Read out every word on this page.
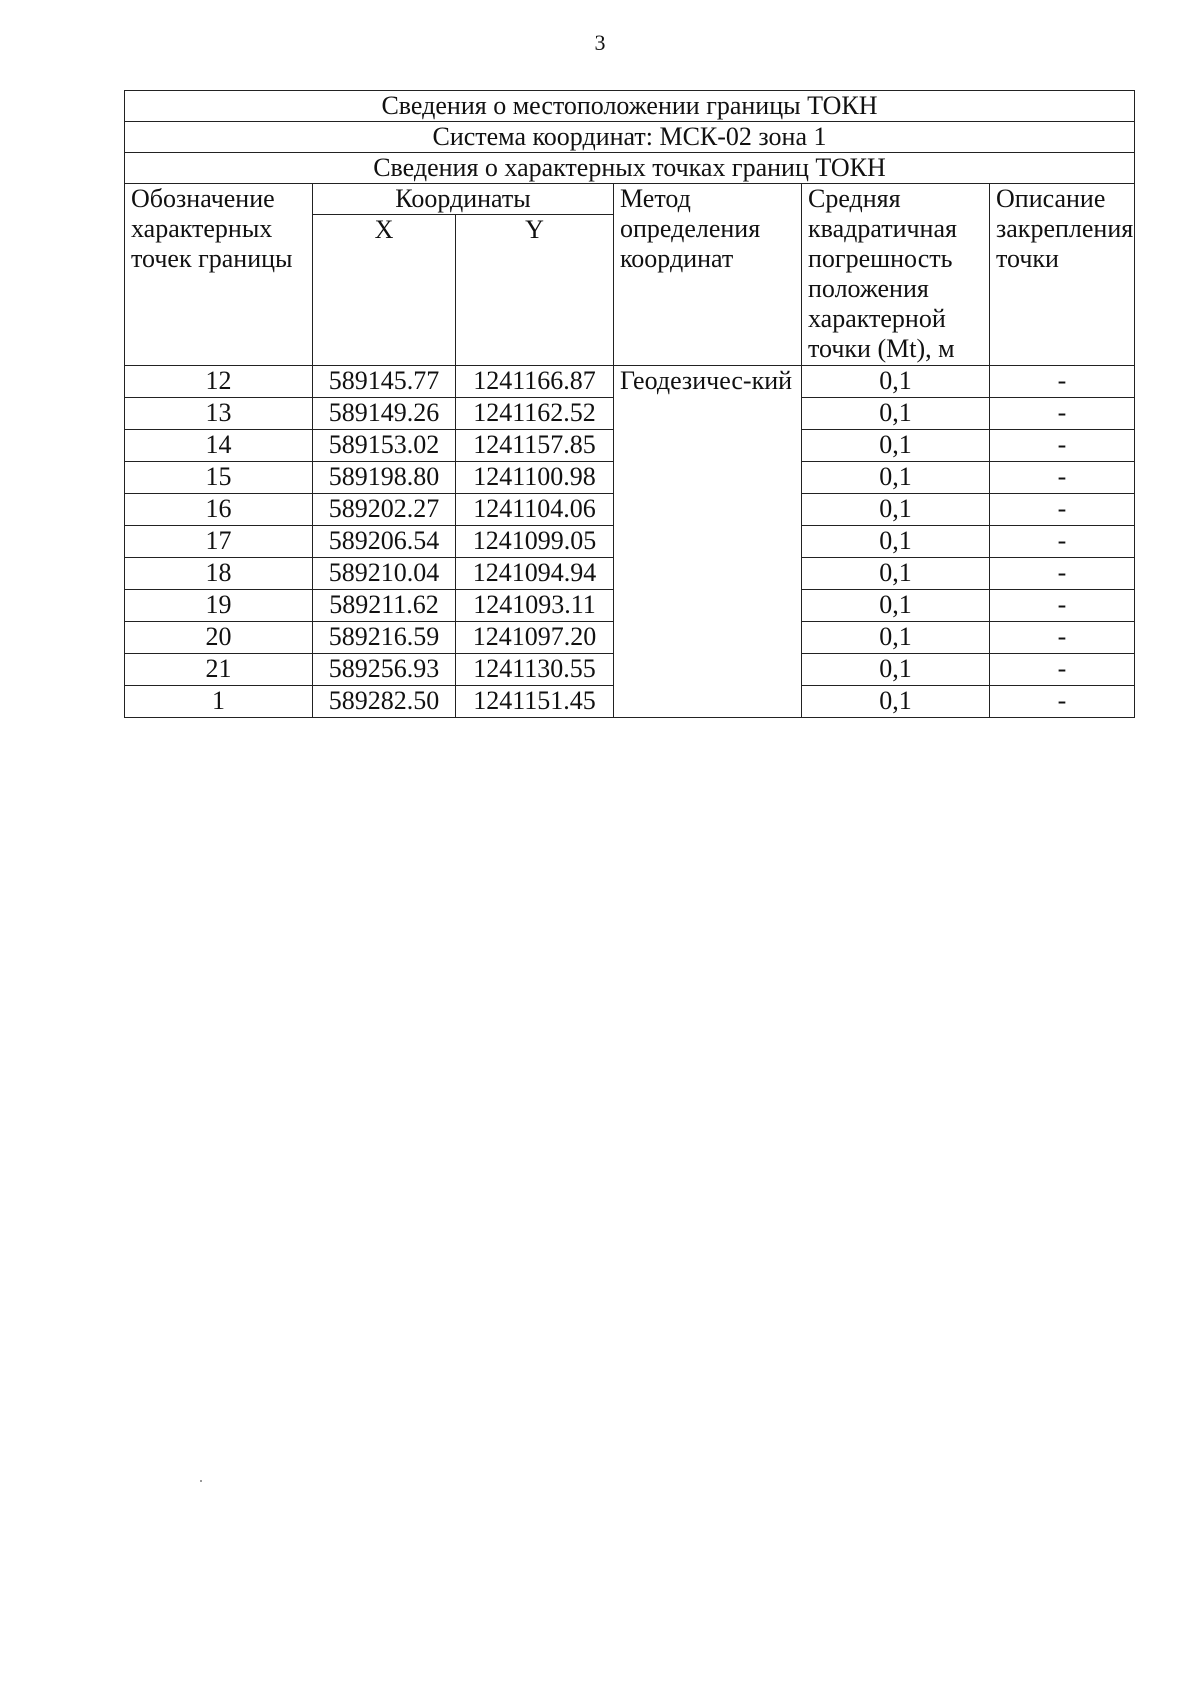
3
Сведения о местоположении границы ТОКН					
Система координат: МСК-02 зона 1					
Сведения о характерных точках границ ТОКН					
Обозначение характерных точек границы	Координаты		Метод определения координат	Средняя квадратичная погрешность положения характерной точки (Mt), м	Описание закрепления точки
	X	Y			
12	589145.77	1241166.87	Геодезичес-кий	0,1	-
13	589149.26	1241162.52		0,1	-
14	589153.02	1241157.85		0,1	-
15	589198.80	1241100.98		0,1	-
16	589202.27	1241104.06		0,1	-
17	589206.54	1241099.05		0,1	-
18	589210.04	1241094.94		0,1	-
19	589211.62	1241093.11		0,1	-
20	589216.59	1241097.20		0,1	-
21	589256.93	1241130.55		0,1	-
1	589282.50	1241151.45		0,1	-
